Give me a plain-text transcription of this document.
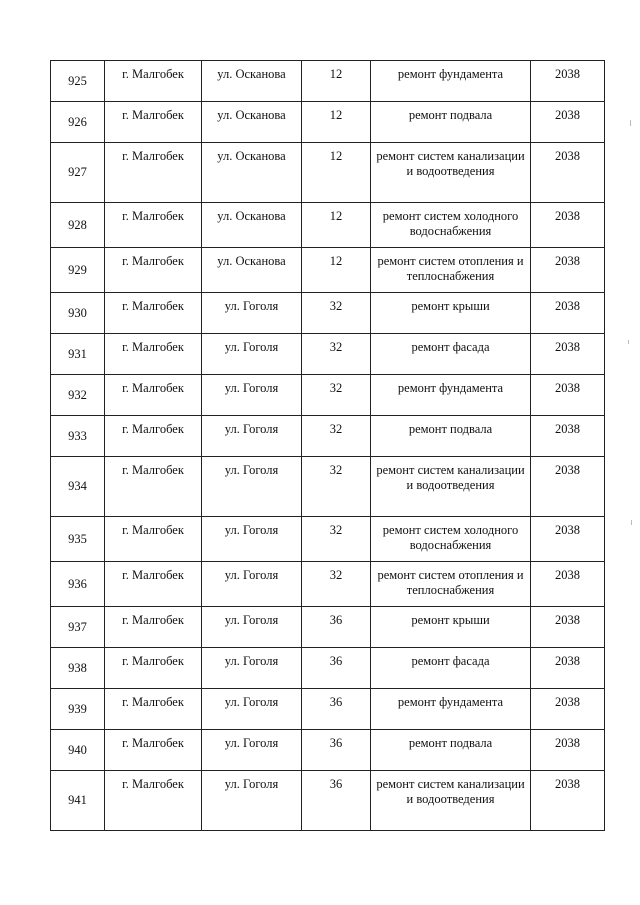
925	г. Малгобек	ул. Осканова	12	ремонт фундамента	2038
926	г. Малгобек	ул. Осканова	12	ремонт подвала	2038
927	г. Малгобек	ул. Осканова	12	ремонт систем канализации и водоотведения	2038
928	г. Малгобек	ул. Осканова	12	ремонт систем холодного водоснабжения	2038
929	г. Малгобек	ул. Осканова	12	ремонт систем отопления и теплоснабжения	2038
930	г. Малгобек	ул. Гоголя	32	ремонт крыши	2038
931	г. Малгобек	ул. Гоголя	32	ремонт фасада	2038
932	г. Малгобек	ул. Гоголя	32	ремонт фундамента	2038
933	г. Малгобек	ул. Гоголя	32	ремонт подвала	2038
934	г. Малгобек	ул. Гоголя	32	ремонт систем канализации и водоотведения	2038
935	г. Малгобек	ул. Гоголя	32	ремонт систем холодного водоснабжения	2038
936	г. Малгобек	ул. Гоголя	32	ремонт систем отопления и теплоснабжения	2038
937	г. Малгобек	ул. Гоголя	36	ремонт крыши	2038
938	г. Малгобек	ул. Гоголя	36	ремонт фасада	2038
939	г. Малгобек	ул. Гоголя	36	ремонт фундамента	2038
940	г. Малгобек	ул. Гоголя	36	ремонт подвала	2038
941	г. Малгобек	ул. Гоголя	36	ремонт систем канализации и водоотведения	2038
